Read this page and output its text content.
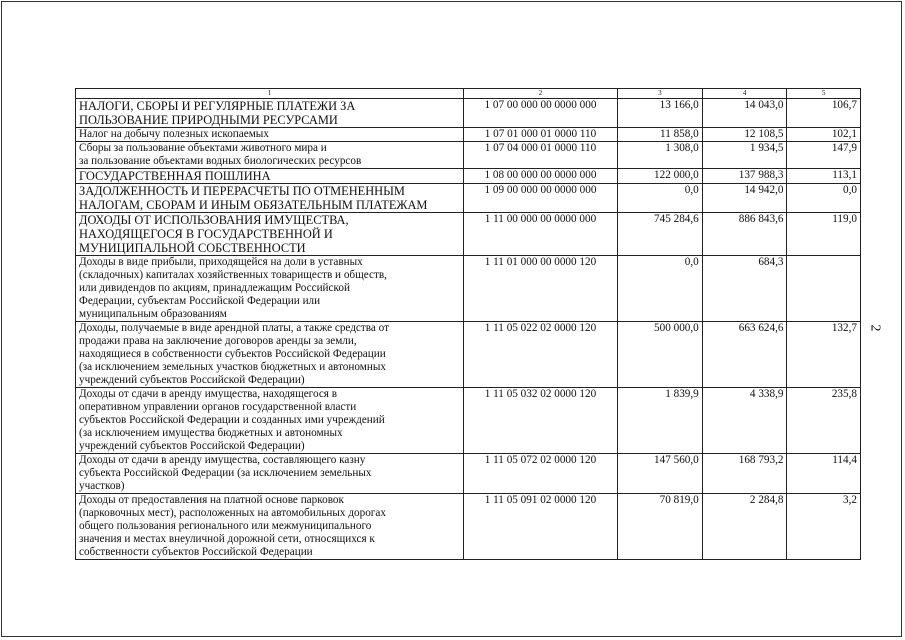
1	2	3	4	5
НАЛОГИ, СБОРЫ И РЕГУЛЯРНЫЕ ПЛАТЕЖИ ЗА
ПОЛЬЗОВАНИЕ ПРИРОДНЫМИ РЕСУРСАМИ	1 07 00 000 00 0000 000	13 166,0	14 043,0	106,7
Налог на добычу полезных ископаемых	1 07 01 000 01 0000 110	11 858,0	12 108,5	102,1
Сборы за пользование объектами животного мира и
за пользование объектами водных биологических ресурсов	1 07 04 000 01 0000 110	1 308,0	1 934,5	147,9
ГОСУДАРСТВЕННАЯ ПОШЛИНА	1 08 00 000 00 0000 000	122 000,0	137 988,3	113,1
ЗАДОЛЖЕННОСТЬ И ПЕРЕРАСЧЕТЫ ПО ОТМЕНЕННЫМ
НАЛОГАМ, СБОРАМ И ИНЫМ ОБЯЗАТЕЛЬНЫМ ПЛАТЕЖАМ	1 09 00 000 00 0000 000	0,0	14 942,0	0,0
ДОХОДЫ ОТ ИСПОЛЬЗОВАНИЯ ИМУЩЕСТВА,
НАХОДЯЩЕГОСЯ В ГОСУДАРСТВЕННОЙ И
МУНИЦИПАЛЬНОЙ СОБСТВЕННОСТИ	1 11 00 000 00 0000 000	745 284,6	886 843,6	119,0
Доходы в виде прибыли, приходящейся на доли в уставных
(складочных) капиталах хозяйственных товариществ и обществ,
или дивидендов по акциям, принадлежащим Российской
Федерации, субъектам Российской Федерации или
муниципальным образованиям	1 11 01 000 00 0000 120	0,0	684,3	
Доходы, получаемые в виде арендной платы, а также средства от
продажи права на заключение договоров аренды за земли,
находящиеся в собственности субъектов Российской Федерации
(за исключением земельных участков бюджетных и автономных
учреждений субъектов Российской Федерации)	1 11 05 022 02 0000 120	500 000,0	663 624,6	132,7
Доходы от сдачи в аренду имущества, находящегося в
оперативном управлении органов государственной власти
субъектов Российской Федерации и созданных ими учреждений
(за исключением имущества бюджетных и автономных
учреждений субъектов Российской Федерации)	1 11 05 032 02 0000 120	1 839,9	4 338,9	235,8
Доходы от сдачи в аренду имущества, составляющего казну
субъекта Российской Федерации (за исключением земельных
участков)	1 11 05 072 02 0000 120	147 560,0	168 793,2	114,4
Доходы от предоставления на платной основе парковок
(парковочных мест), расположенных на автомобильных дорогах
общего пользования регионального или межмуниципального
значения и местах внеуличной дорожной сети, относящихся к
собственности субъектов Российской Федерации	1 11 05 091 02 0000 120	70 819,0	2 284,8	3,2
2
